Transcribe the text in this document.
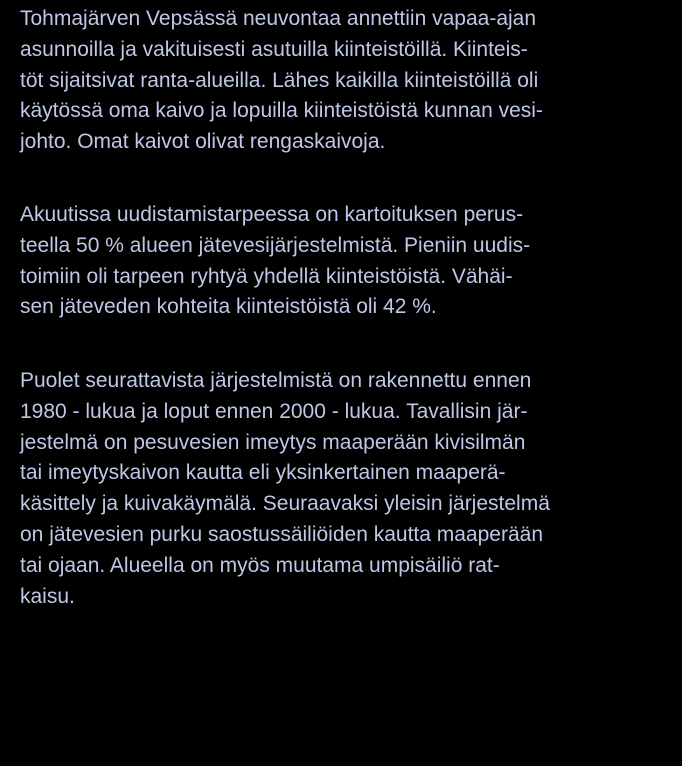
Tohmajärven Vepsässä neuvontaa annettiin vapaa-ajan
asunnoilla ja vakituisesti asutuilla kiinteistöillä. Kiinteis-
töt sijaitsivat ranta-alueilla. Lähes kaikilla kiinteistöillä oli
käytössä oma kaivo ja lopuilla kiinteistöistä kunnan vesi-
johto. Omat kaivot olivat rengaskaivoja.

Akuutissa uudistamistarpeessa on kartoituksen perus-
teella 50 % alueen jätevesijärjestelmistä. Pieniin uudis-
toimiin oli tarpeen ryhtyä yhdellä kiinteistöistä. Vähäi-
sen jäteveden kohteita kiinteistöistä oli 42 %.

Puolet seurattavista järjestelmistä on rakennettu ennen
1980 - lukua ja loput ennen 2000 - lukua. Tavallisin jär-
jestelmä on pesuvesien imeytys maaperään kivisilmän
tai imeytyskaivon kautta eli yksinkertainen maaperä-
käsittely ja kuivakäymälä. Seuraavaksi yleisin järjestelmä
on jätevesien purku saostussäiliöiden kautta maaperään
tai ojaan. Alueella on myös muutama umpisäiliö rat-
kaisu.
